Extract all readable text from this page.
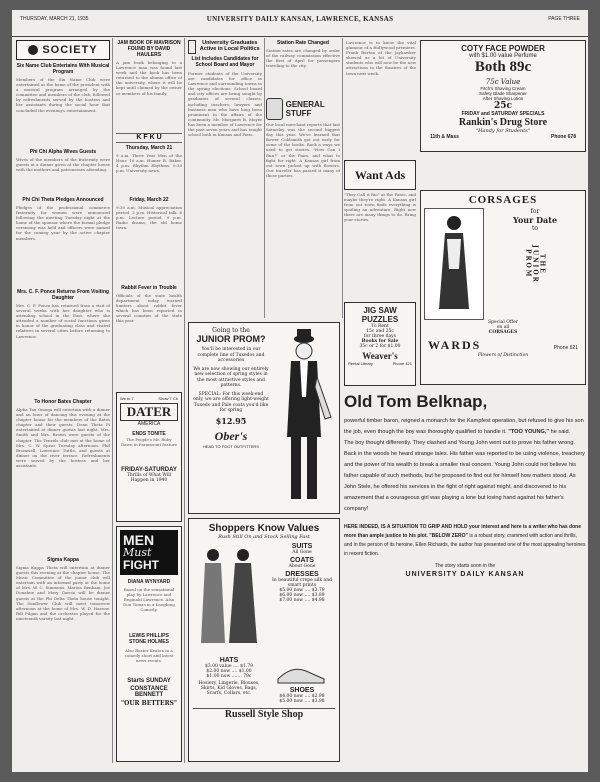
THURSDAY, MARCH 21, 1935	UNIVERSITY DAILY KANSAN, LAWRENCE, KANSAS	PAGE THREE
SOCIETY
Six Name Club Entertains With Musical Program
Members of the Six Name Club were entertained at the home of the president with a musical program arranged by the committee and members of the club, followed by refreshments served by the hostess and her assistants during the social hour that concluded the evening's entertainment.
Phi Chi Alpha Wives Guests
Wives of the members of the fraternity were guests at a dinner given at the chapter house with the mothers and patronesses attending.
Phi Chi Theta Pledges Announced
Pledges of the professional commerce fraternity for women were announced following the meeting Tuesday night at the home of the sponsor where the formal pledge ceremony was held and officers were named for the coming year by the active chapter members.
Mrs. C. F. Ponce Returns From Visiting Daughter
Mrs. C. F. Ponce has returned from a visit of several weeks with her daughter who is attending school in the East, where she attended a number of social functions given in honor of the graduating class and visited relatives in several cities before returning to Lawrence.
To Honor Bates Chapter
Alpha Tau Omega will entertain with a dinner and an hour of dancing this evening at the chapter house for the members of the Bates chapter and their guests. Dean Theta Pi entertained at dinner guests last night. Mrs. Smith and Mrs. Brown were guests of the chapter. The Tenzels club met at the home of Mrs. C. W. Spear Tuesday afternoon. Phil Bromwell, Lawrence Tuttle, and guests at dinner on the river terrace. Refreshments were served by the hostess and her assistants.
Sigma Kappa
Sigma Kappa Theta will entertain at dinner guests this evening at the chapter house. The Music Committee of the junior club will entertain with an informal party at the home of Mrs. W. C. Simmons. Marion Benham, Joe Donahue and Mary Garcia will be dinner guests at the Phi Delta Theta house tonight. The Sunflower Club will meet tomorrow afternoon at the home of Mrs. W. D. Harrow. Bill Pilgan and the orchestra played for the nineteenth varsity last night.
JAM BOOK OF MAVRISON FOUND BY DAVID HAULERS
A jam book belonging to a Lawrence man was found last week and the book has been returned to the alumni office of the university, where it will be kept until claimed by the owner or members of his family.
K F K U
Thursday, March 21
9 a.m. Three Year Men of the Hour. 10 a.m. Homer B. Baker. 4 p.m. Rhythm Rhythms. 9:30 p.m. University news.
Friday, March 22
9:30 a.m. Musical appreciation period. 3 p.m. Historical talk. 6 p.m. Lecture period. 9 p.m. Radio drama, the old home town.
Rabbit Fever in Trouble
Officials of the state health department today warned hunters about rabbit fever which has been reported in several counties of the state this year.
University Graduates Active in Local Politics
List Includes Candidates for School Board and Mayor
Former students of the University are candidates for office in Lawrence and surrounding towns in the spring elections. School board and city offices are being sought by graduates of several classes, including teachers, lawyers and business men who have long been prominent in the affairs of the community. Mr. Margaret B. Moyer has been a member of Lawrence for the past seven years and has taught school both in Kansas and Paris.
Station Rate Changed
Station rates are changed by order of the railway commission effective the first of April for passengers traveling to the city.
GENERAL STUFF
Our local merchant reports that last Saturday was the second biggest day this year. We've learned that Bower Coldsmith got out early for some of the books. Back a ways we used to get stories. "How Can I Run?" or the Pairs, and what to fight for right. A Kansas girl from out town picked up with flowers. Our traveler has passed it many of those parties.
Lawrence is to know the vital glamour of a Hollywood premiere. Frank Burton of the Jayhawker showed us a lot of University students who will now be the new attractions in the theatres of the town next week.
COTY FACE POWDER
with $1.00 value Perfume
Both 89c
75c Value
Fitch's Shaving Cream
Safety Blade Sharpener
After Shaving Lotion
25c
FRIDAY and SATURDAY SPECIALS
Rankin's Drug Store
"Handy for Students"
11th & Mass	Phone 678
Want Ads
"They Call it Rio" at the Patee, and maybe they're right. A Kansas girl from out town finds everything is spoiling an adventure. Right now there are many things to do. Bring your stories.
CORSAGES
for
Your Date
to
THE JUNIOR PROM
Special Offer
on all
CORSAGES
WARDS	Phone 621
Flowers of Distinction
JIG SAW
PUZZLES
To Rent
15c and 25c
for three days
Books for Sale
35c or 2 for $1.00
Weaver's
Rental Library	Phone 421
Going to the
JUNIOR PROM?
You'll be interested in our complete line of Tuxedos and accessories
We are now showing our entirely new selection of spring styles in the most attractive styles and patterns.
SPECIAL: For this week-end only, we are offering light-weight Tuxedo and Pale coats you'd like for spring
$12.95
Ober's
HEAD TO FOOT OUTFITTERS
We to 7	Show 7 Ch
DATER
AMERICA
ENDS TONITE
The People's Mr. Ruby Dawn in Paramount feature
FRIDAY-SATURDAY
Thrills of What Will Happen in 1940
MEN
Must
FIGHT
DIANA WYNYARD
Based on the sensational play by Lawrence and Reginald Lawrence. Also Don Tomas in a Laughing Comedy.
LEWIS PHILLIPS
STONE HOLMES
Also Buster Keaton in a comedy short and latest news events.
Starts SUNDAY
CONSTANCE BENNETT
"OUR BETTERS"
Shoppers Know Values
Rush Still On and Stock Selling Fast
SUITS
All Gone
COATS
About Gone
DRESSES
In beautiful crepe silk and smart prints
$5.00 now .... $3.79
$6.00 now .... $3.89
$7.00 now .... $4.98
HATS
$3.00 value .... $1.79
$2.00 now .... $1.00
$1.00 now ....... 79c
Hosiery, Lingerie, Blouses, Skirts, Kid Gloves, Bags, Scarfs, Collars, etc.	SHOES
$4.00 now .... $2.98
$5.00 now .... $3.98
Russell Style Shop
Old Tom Belknap,
powerful timber baron, reigned a monarch for the Kampfest operation, but refused to give his son the job, even though the boy was thoroughly qualified to handle it. "TOO YOUNG," he said.
The boy thought differently. They clashed and Young John went out to prove his father wrong. Back in the woods he heard strange tales. His father was reported to be using violence, treachery and the power of his wealth to break a smaller rival concern. Young John could not believe his father capable of such methods, but he proposed to find out for himself how matters stood. As John Stele, he offered his services in the fight of right against might, and discovered to his amazement that a courageous girl was playing a lone but losing hand against his father's company!
HERE INDEED, IS A SITUATION TO GRIP AND HOLD your interest and here is a writer who has done more than ample justice to his plot. "BELOW ZERO" is a robust story, crammed with action and thrills, and in the person of its heroine, Ellen Richards, the author has presented one of the most appealing heroines in recent fiction.
The story starts soon in the
UNIVERSITY DAILY KANSAN
